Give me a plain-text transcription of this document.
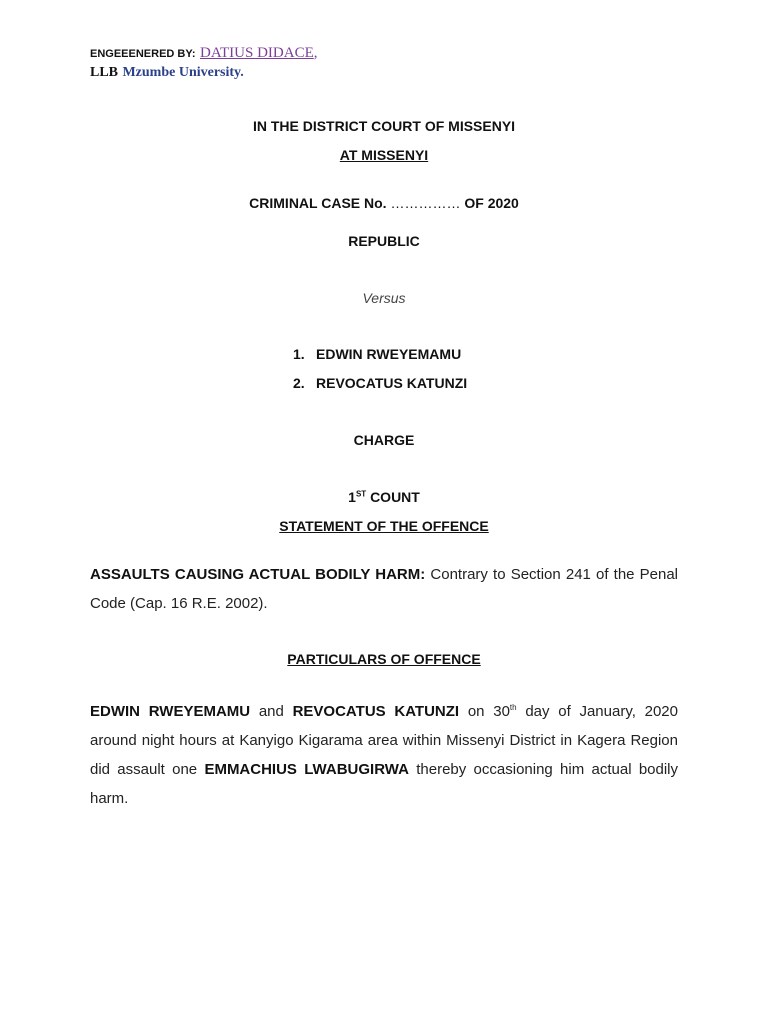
ENGEEENERED BY: DATIUS DIDACE,
LLB Mzumbe University.
IN THE DISTRICT COURT OF MISSENYI
AT MISSENYI
CRIMINAL CASE No. …………… OF 2020
REPUBLIC
Versus
1. EDWIN RWEYEMAMU
2. REVOCATUS KATUNZI
CHARGE
1ST COUNT
STATEMENT OF THE OFFENCE
ASSAULTS CAUSING ACTUAL BODILY HARM: Contrary to Section 241 of the Penal Code (Cap. 16 R.E. 2002).
PARTICULARS OF OFFENCE
EDWIN RWEYEMAMU and REVOCATUS KATUNZI on 30th day of January, 2020 around night hours at Kanyigo Kigarama area within Missenyi District in Kagera Region did assault one EMMACHIUS LWABUGIRWA thereby occasioning him actual bodily harm.
